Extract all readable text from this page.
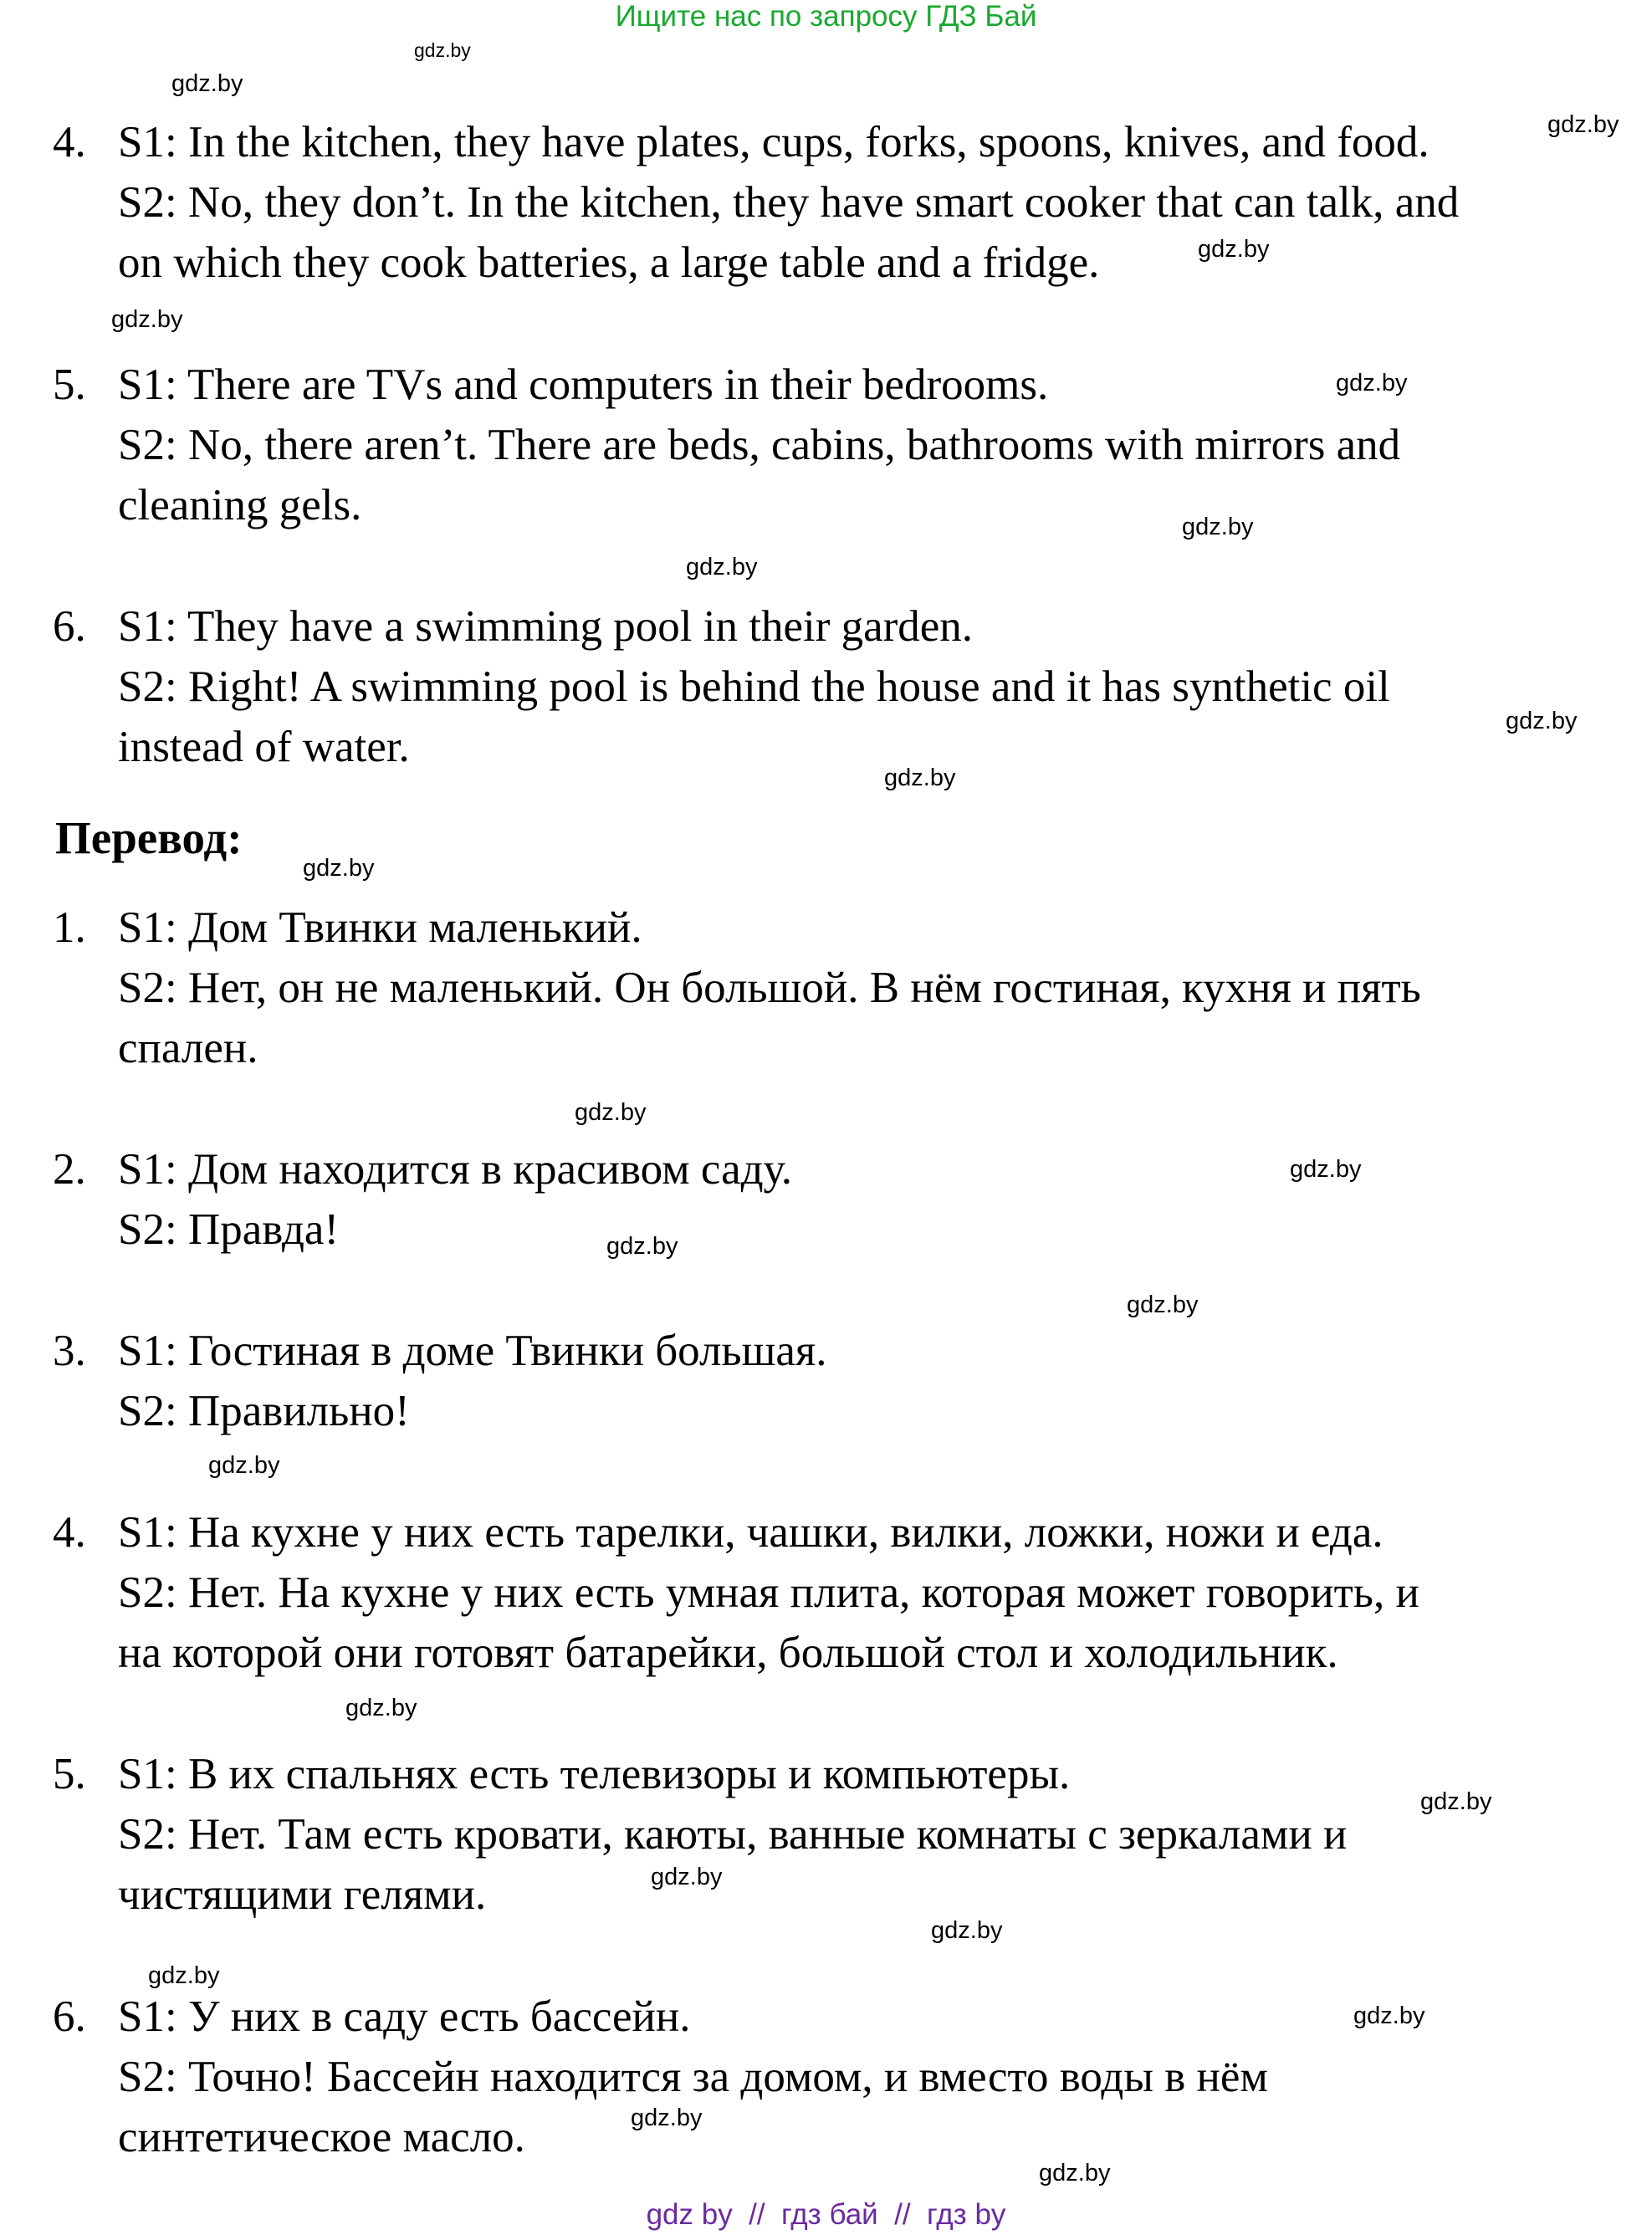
Ищите нас по запросу ГДЗ Бай
gdz.by
gdz.by
gdz.by
gdz.by
gdz.by
gdz.by
gdz.by
gdz.by
gdz.by
gdz.by
gdz.by
gdz.by
gdz.by
gdz.by
gdz.by
gdz.by
gdz.by
gdz.by
gdz.by
gdz.by
gdz.by
gdz.by
gdz.by
gdz.by
4. S1: In the kitchen, they have plates, cups, forks, spoons, knives, and food.
S2: No, they don’t. In the kitchen, they have smart cooker that can talk, and
on which they cook batteries, a large table and a fridge.
5. S1: There are TVs and computers in their bedrooms.
S2: No, there aren’t. There are beds, cabins, bathrooms with mirrors and
cleaning gels.
6. S1: They have a swimming pool in their garden.
S2: Right! A swimming pool is behind the house and it has synthetic oil
instead of water.
Перевод:
1. S1: Дом Твинки маленький.
S2: Нет, он не маленький. Он большой. В нём гостиная, кухня и пять
спален.
2. S1: Дом находится в красивом саду.
S2: Правда!
3. S1: Гостиная в доме Твинки большая.
S2: Правильно!
4. S1: На кухне у них есть тарелки, чашки, вилки, ложки, ножи и еда.
S2: Нет. На кухне у них есть умная плита, которая может говорить, и
на которой они готовят батарейки, большой стол и холодильник.
5. S1: В их спальнях есть телевизоры и компьютеры.
S2: Нет. Там есть кровати, каюты, ванные комнаты с зеркалами и
чистящими гелями.
6. S1: У них в саду есть бассейн.
S2: Точно! Бассейн находится за домом, и вместо воды в нём
синтетическое масло.
gdz by  //  гдз бай  //  гдз by
